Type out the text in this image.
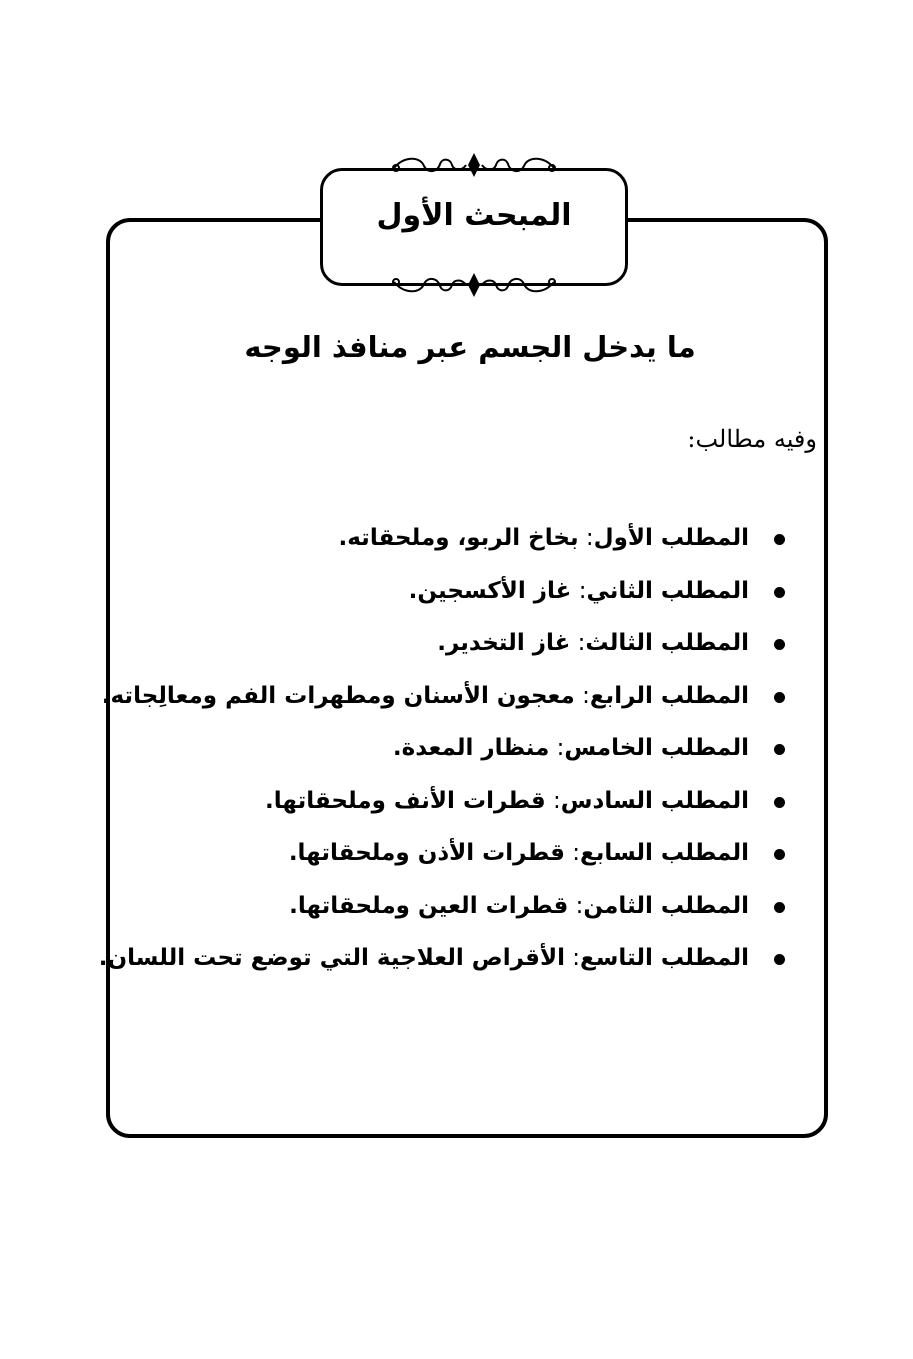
المبحث الأول
ما يدخل الجسم عبر منافذ الوجه
وفيه مطالب:
المطلب الأول: بخاخ الربو، وملحقاته.
المطلب الثاني: غاز الأكسجين.
المطلب الثالث: غاز التخدير.
المطلب الرابع: معجون الأسنان ومطهرات الفم ومعالِجاته.
المطلب الخامس: منظار المعدة.
المطلب السادس: قطرات الأنف وملحقاتها.
المطلب السابع: قطرات الأذن وملحقاتها.
المطلب الثامن: قطرات العين وملحقاتها.
المطلب التاسع: الأقراص العلاجية التي توضع تحت اللسان.
